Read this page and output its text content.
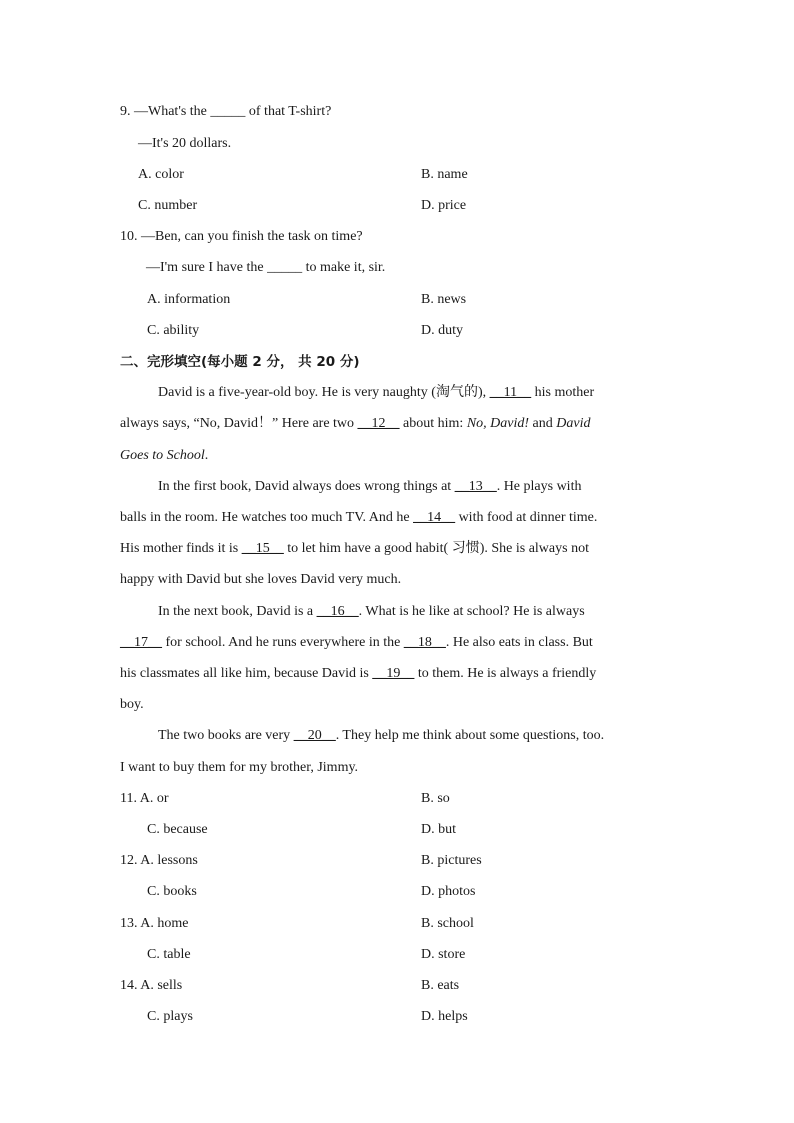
9. —What's the _____ of that T-shirt?
—It's 20 dollars.
A. color	B. name
C. number	D. price
10. —Ben, can you finish the task on time?
—I'm sure I have the _____ to make it, sir.
A. information	B. news
C. ability	D. duty
二、完形填空(每小题 2 分， 共 20 分)
David is a five-year-old boy. He is very naughty (淘气的), __11__ his mother
always says, “No, David！” Here are two __12__ about him: No, David! and David
Goes to School.
In the first book, David always does wrong things at __13__. He plays with
balls in the room. He watches too much TV. And he __14__ with food at dinner time.
His mother finds it is __15__ to let him have a good habit( 习惯). She is always not
happy with David but she loves David very much.
In the next book, David is a __16__. What is he like at school? He is always
__17__ for school. And he runs everywhere in the __18__. He also eats in class. But
his classmates all like him, because David is __19__ to them. He is always a friendly
boy.
The two books are very __20__. They help me think about some questions, too.
I want to buy them for my brother, Jimmy.
11. A. or	B. so
C. because	D. but
12. A. lessons	B. pictures
C. books	D. photos
13. A. home	B. school
C. table	D. store
14. A. sells	B. eats
C. plays	D. helps
